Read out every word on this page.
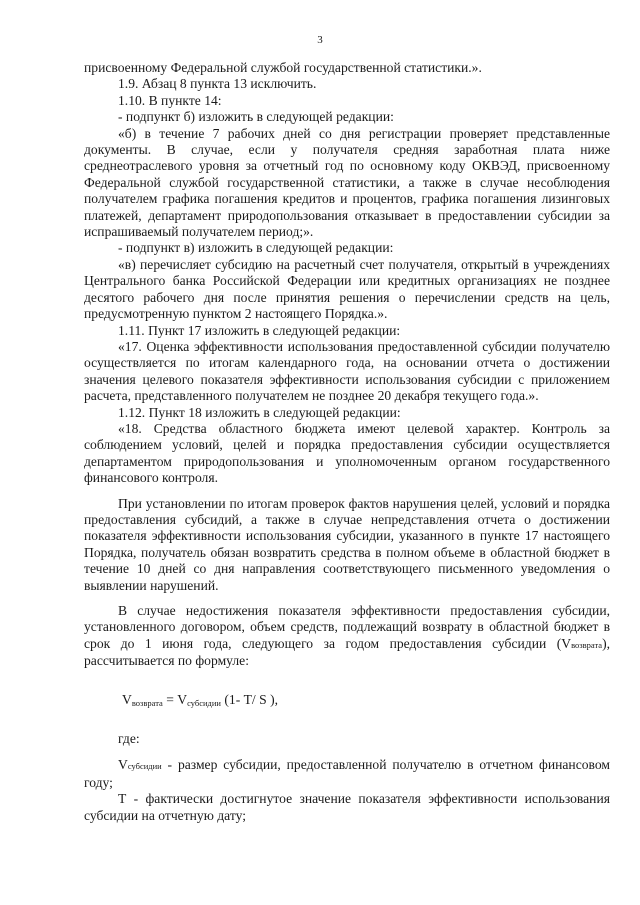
3

присвоенному Федеральной службой государственной статистики.».

1.9. Абзац 8 пункта 13 исключить.

1.10. В пункте 14:

- подпункт б) изложить в следующей редакции:

«б) в течение 7 рабочих дней со дня регистрации проверяет представленные документы. В случае, если у получателя средняя заработная плата ниже среднеотраслевого уровня за отчетный год по основному коду ОКВЭД, присвоенному Федеральной службой государственной статистики, а также в случае несоблюдения получателем графика погашения кредитов и процентов, графика погашения лизинговых платежей, департамент природопользования отказывает в предоставлении субсидии за испрашиваемый получателем период;».

- подпункт в) изложить в следующей редакции:

«в) перечисляет субсидию на расчетный счет получателя, открытый в учреждениях Центрального банка Российской Федерации или кредитных организациях не позднее десятого рабочего дня после принятия решения о перечислении средств на цель, предусмотренную пунктом 2 настоящего Порядка.».

1.11. Пункт 17 изложить в следующей редакции:

«17. Оценка эффективности использования предоставленной субсидии получателю осуществляется по итогам календарного года, на основании отчета о достижении значения целевого показателя эффективности использования субсидии с приложением расчета, представленного получателем не позднее 20 декабря текущего года.».

1.12. Пункт 18 изложить в следующей редакции:

«18. Средства областного бюджета имеют целевой характер. Контроль за соблюдением условий, целей и порядка предоставления субсидии осуществляется департаментом природопользования и уполномоченным органом государственного финансового контроля.

При установлении по итогам проверок фактов нарушения целей, условий и порядка предоставления субсидий, а также в случае непредставления отчета о достижении показателя эффективности использования субсидии, указанного в пункте 17 настоящего Порядка, получатель обязан возвратить средства в полном объеме в областной бюджет в течение 10 дней со дня направления соответствующего письменного уведомления о выявлении нарушений.

В случае недостижения показателя эффективности предоставления субсидии, установленного договором, объем средств, подлежащий возврату в областной бюджет в срок до 1 июня года, следующего за годом предоставления субсидии (Vвозврата), рассчитывается по формуле:

$V_{возврата} = V_{субсидии}$ (1- T/ S ),

где:

Vсубсидии - размер субсидии, предоставленной получателю в отчетном финансовом году;

Т - фактически достигнутое значение показателя эффективности использования субсидии на отчетную дату;
